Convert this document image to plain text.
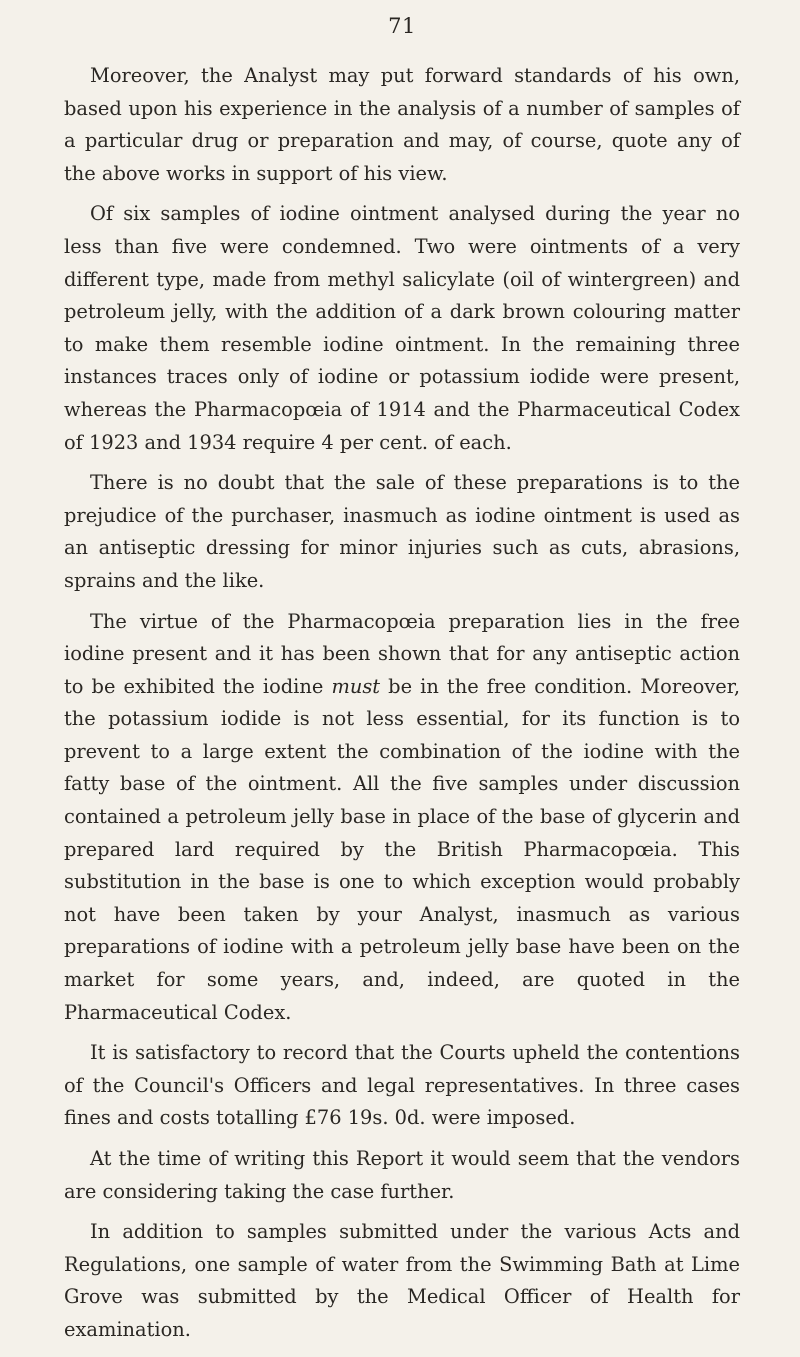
71

Moreover, the Analyst may put forward standards of his own, based upon his experience in the analysis of a number of samples of a particular drug or preparation and may, of course, quote any of the above works in support of his view.

Of six samples of iodine ointment analysed during the year no less than five were condemned. Two were ointments of a very different type, made from methyl salicylate (oil of wintergreen) and petroleum jelly, with the addition of a dark brown colouring matter to make them resemble iodine ointment. In the remaining three instances traces only of iodine or potassium iodide were present, whereas the Pharmacopœia of 1914 and the Pharmaceutical Codex of 1923 and 1934 require 4 per cent. of each.

There is no doubt that the sale of these preparations is to the prejudice of the purchaser, inasmuch as iodine ointment is used as an antiseptic dressing for minor injuries such as cuts, abrasions, sprains and the like.

The virtue of the Pharmacopœia preparation lies in the free iodine present and it has been shown that for any antiseptic action to be exhibited the iodine must be in the free condition. Moreover, the potassium iodide is not less essential, for its function is to prevent to a large extent the combination of the iodine with the fatty base of the ointment. All the five samples under discussion contained a petroleum jelly base in place of the base of glycerin and prepared lard required by the British Pharmacopœia. This substitution in the base is one to which exception would probably not have been taken by your Analyst, inasmuch as various preparations of iodine with a petroleum jelly base have been on the market for some years, and, indeed, are quoted in the Pharmaceutical Codex.

It is satisfactory to record that the Courts upheld the contentions of the Council's Officers and legal representatives. In three cases fines and costs totalling £76 19s. 0d. were imposed.

At the time of writing this Report it would seem that the vendors are considering taking the case further.

In addition to samples submitted under the various Acts and Regulations, one sample of water from the Swimming Bath at Lime Grove was submitted by the Medical Officer of Health for examination.
